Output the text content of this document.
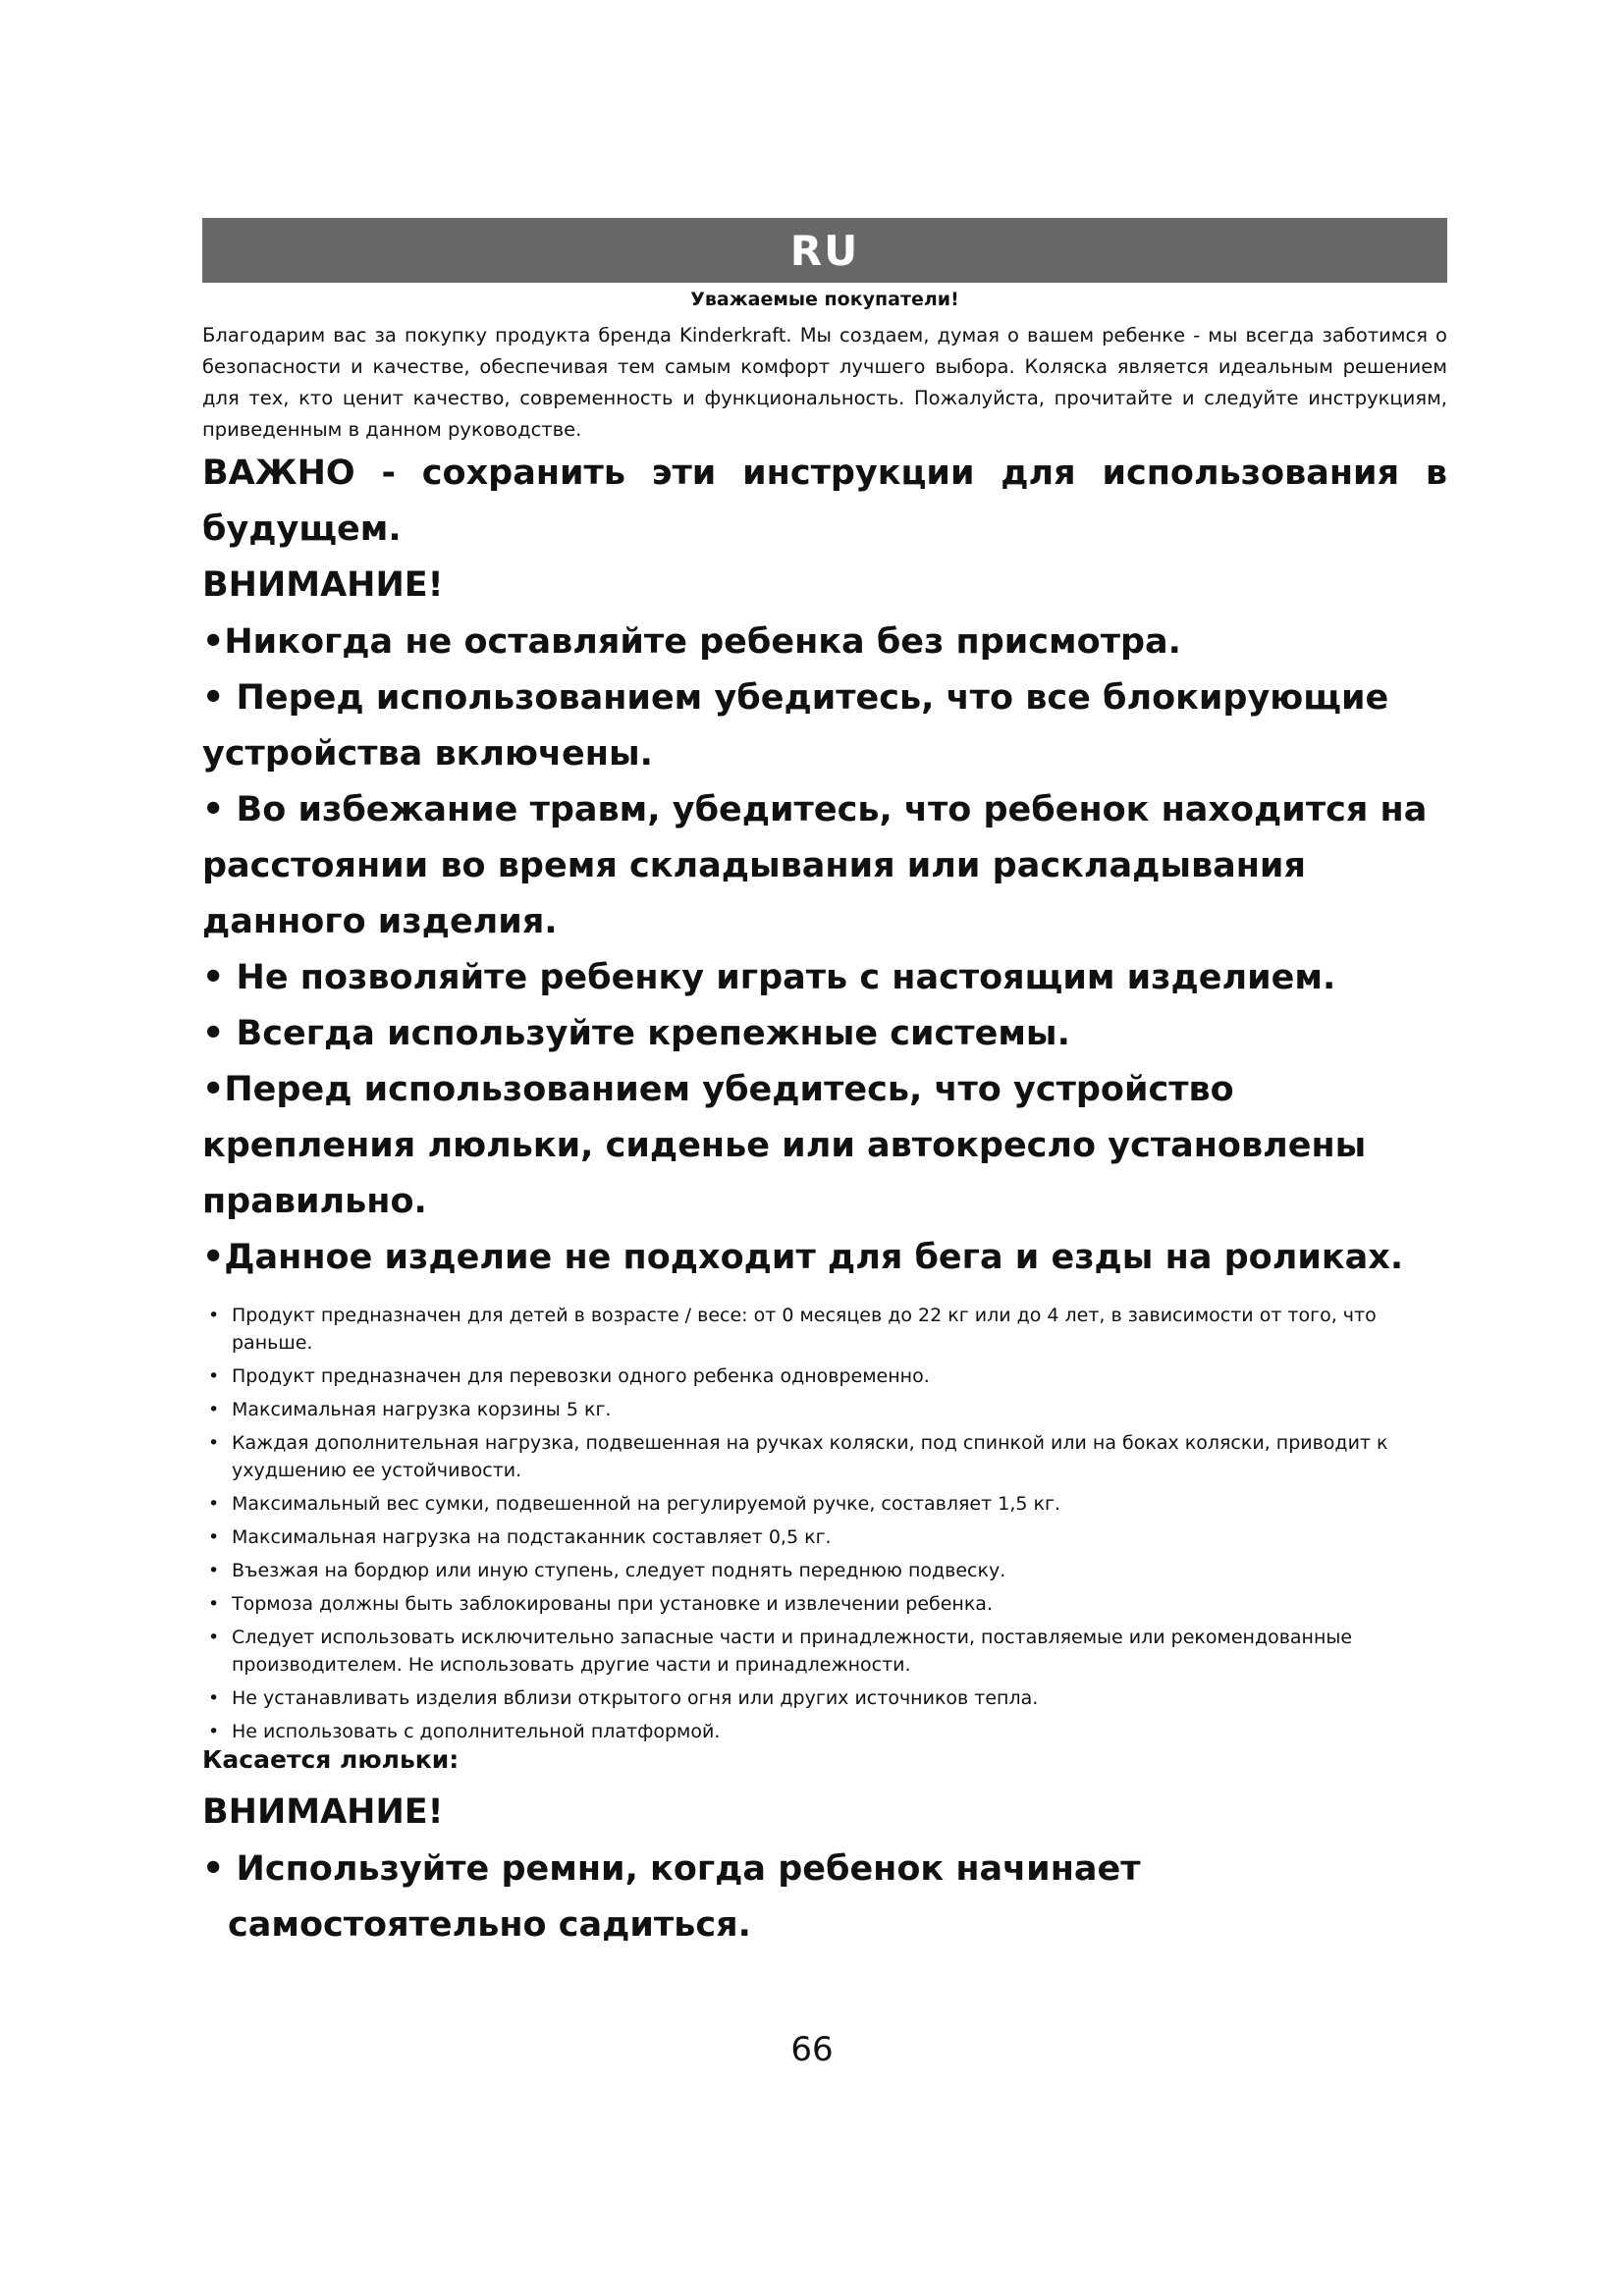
RU
Уважаемые покупатели!
Благодарим вас за покупку продукта бренда Kinderkraft. Мы создаем, думая о вашем ребенке - мы всегда заботимся о безопасности и качестве, обеспечивая тем самым комфорт лучшего выбора. Коляска является идеальным решением для тех, кто ценит качество, современность и функциональность. Пожалуйста, прочитайте и следуйте инструкциям, приведенным в данном руководстве.
ВАЖНО - сохранить эти инструкции для использования в будущем.
ВНИМАНИЕ!
•Никогда не оставляйте ребенка без присмотра.
• Перед использованием убедитесь, что все блокирующие устройства включены.
• Во избежание травм, убедитесь, что ребенок находится на расстоянии во время складывания или раскладывания данного изделия.
• Не позволяйте ребенку играть с настоящим изделием.
• Всегда используйте крепежные системы.
•Перед использованием убедитесь, что устройство крепления люльки, сиденье или автокресло установлены правильно.
•Данное изделие не подходит для бега и езды на роликах.
• Продукт предназначен для детей в возрасте / весе: от 0 месяцев до 22 кг или до 4 лет, в зависимости от того, что раньше.
• Продукт предназначен для перевозки одного ребенка одновременно.
• Максимальная нагрузка корзины 5 кг.
• Каждая дополнительная нагрузка, подвешенная на ручках коляски, под спинкой или на боках коляски, приводит к ухудшению ее устойчивости.
• Максимальный вес сумки, подвешенной на регулируемой ручке, составляет 1,5 кг.
• Максимальная нагрузка на подстаканник составляет 0,5 кг.
• Въезжая на бордюр или иную ступень, следует поднять переднюю подвеску.
• Тормоза должны быть заблокированы при установке и извлечении ребенка.
• Следует использовать исключительно запасные части и принадлежности, поставляемые или рекомендованные производителем. Не использовать другие части и принадлежности.
• Не устанавливать изделия вблизи открытого огня или других источников тепла.
• Не использовать с дополнительной платформой.
Касается люльки:
ВНИМАНИЕ!
• Используйте ремни, когда ребенок начинает
самостоятельно садиться.
66
